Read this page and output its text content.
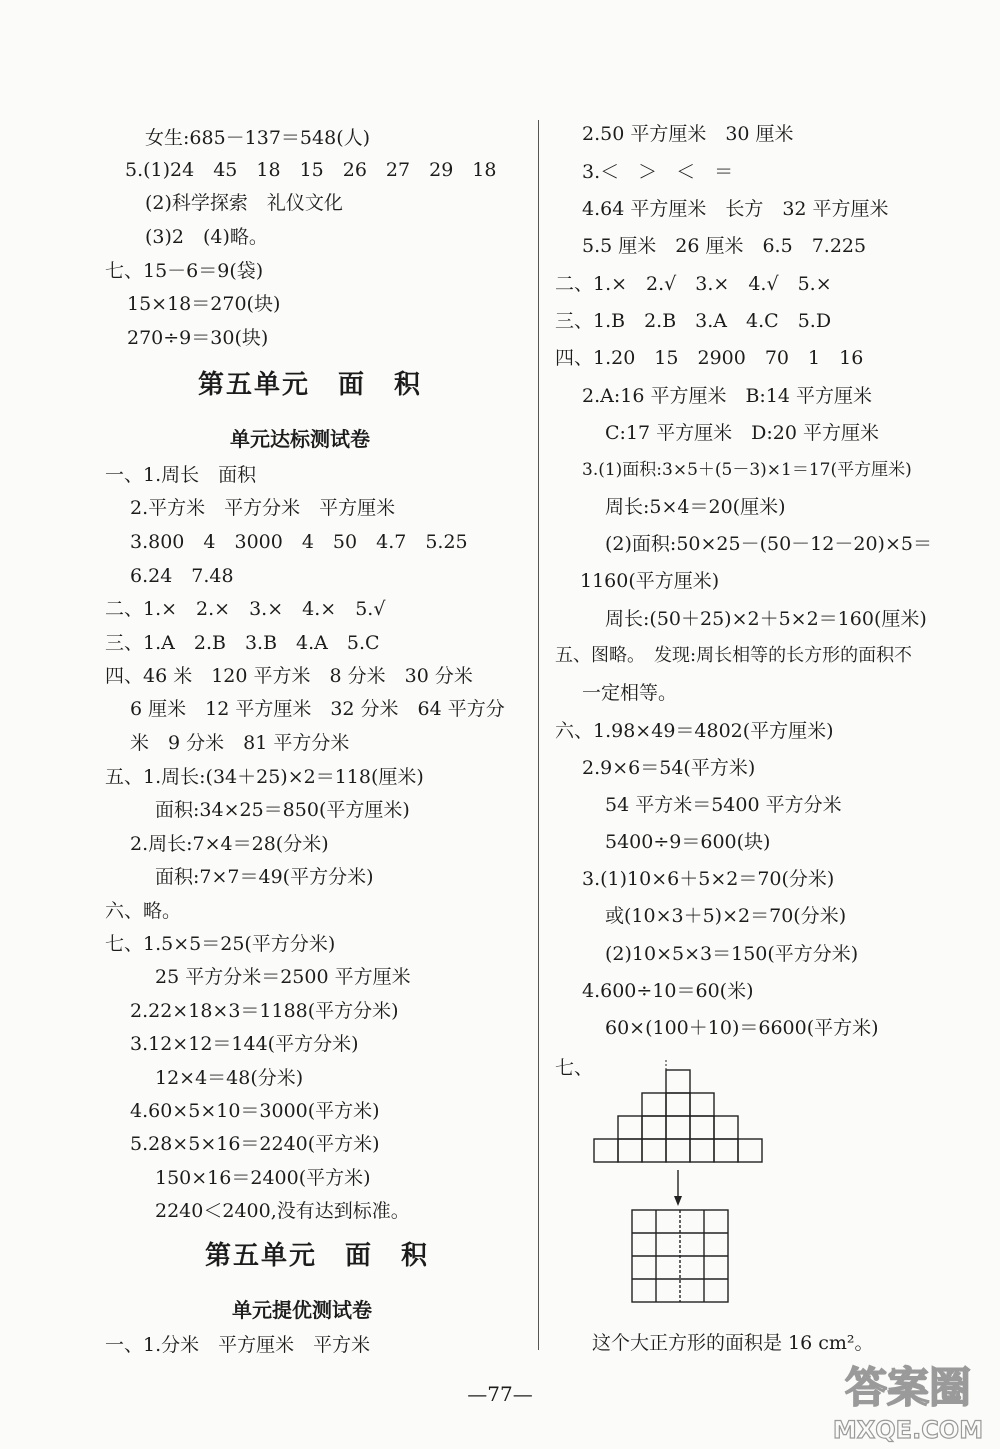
女生:685－137＝548(人)
5.(1)24　45　18　15　26　27　29　18
(2)科学探索　礼仪文化
(3)2　(4)略。
七、15－6＝9(袋)
15×18＝270(块)
270÷9＝30(块)
第五单元　面　积
单元达标测试卷
一、1.周长　面积
2.平方米　平方分米　平方厘米
3.800　4　3000　4　50　4.7　5.25
6.24　7.48
二、1.×　2.×　3.×　4.×　5.√
三、1.A　2.B　3.B　4.A　5.C
四、46 米　120 平方米　8 分米　30 分米
6 厘米　12 平方厘米　32 分米　64 平方分
米　9 分米　81 平方分米
五、1.周长:(34＋25)×2＝118(厘米)
面积:34×25＝850(平方厘米)
2.周长:7×4＝28(分米)
面积:7×7＝49(平方分米)
六、略。
七、1.5×5＝25(平方分米)
25 平方分米＝2500 平方厘米
2.22×18×3＝1188(平方分米)
3.12×12＝144(平方分米)
12×4＝48(分米)
4.60×5×10＝3000(平方米)
5.28×5×16＝2240(平方米)
150×16＝2400(平方米)
2240＜2400,没有达到标准。
第五单元　面　积
单元提优测试卷
一、1.分米　平方厘米　平方米
2.50 平方厘米　30 厘米
3.＜　＞　＜　＝
4.64 平方厘米　长方　32 平方厘米
5.5 厘米　26 厘米　6.5　7.225
二、1.×　2.√　3.×　4.√　5.×
三、1.B　2.B　3.A　4.C　5.D
四、1.20　15　2900　70　1　16
2.A:16 平方厘米　B:14 平方厘米
C:17 平方厘米　D:20 平方厘米
3.(1)面积:3×5＋(5－3)×1＝17(平方厘米)
周长:5×4＝20(厘米)
(2)面积:50×25－(50－12－20)×5＝
1160(平方厘米)
周长:(50＋25)×2＋5×2＝160(厘米)
五、图略。　发现:周长相等的长方形的面积不
一定相等。
六、1.98×49＝4802(平方厘米)
2.9×6＝54(平方米)
54 平方米＝5400 平方分米
5400÷9＝600(块)
3.(1)10×6＋5×2＝70(分米)
或(10×3＋5)×2＝70(分米)
(2)10×5×3＝150(平方分米)
4.600÷10＝60(米)
60×(100＋10)＝6600(平方米)
七、
这个大正方形的面积是 16 cm²。
—77—	答案圈
MXQE.COM
